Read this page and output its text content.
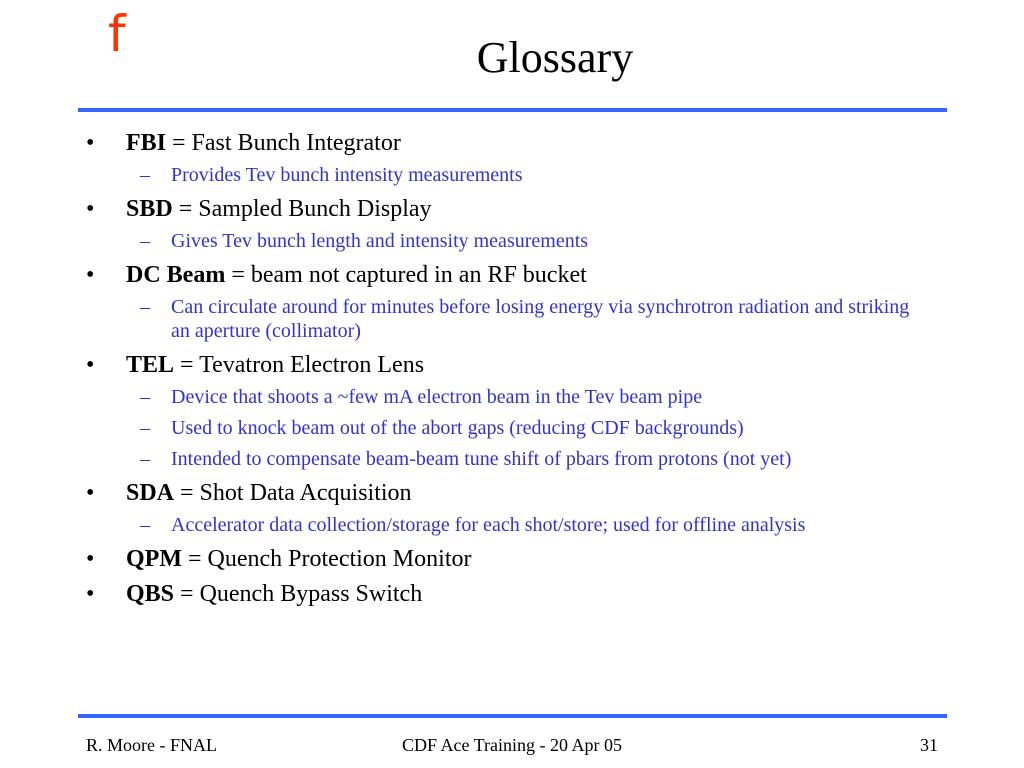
f	Glossary
• FBI = Fast Bunch Integrator
– Provides Tev bunch intensity measurements
• SBD = Sampled Bunch Display
– Gives Tev bunch length and intensity measurements
• DC Beam = beam not captured in an RF bucket
– Can circulate around for minutes before losing energy via synchrotron radiation and striking an aperture (collimator)
• TEL = Tevatron Electron Lens
– Device that shoots a ~few mA electron beam in the Tev beam pipe
– Used to knock beam out of the abort gaps (reducing CDF backgrounds)
– Intended to compensate beam-beam tune shift of pbars from protons (not yet)
• SDA = Shot Data Acquisition
– Accelerator data collection/storage for each shot/store; used for offline analysis
• QPM = Quench Protection Monitor
• QBS = Quench Bypass Switch
R. Moore - FNAL	CDF Ace Training - 20 Apr 05	31
